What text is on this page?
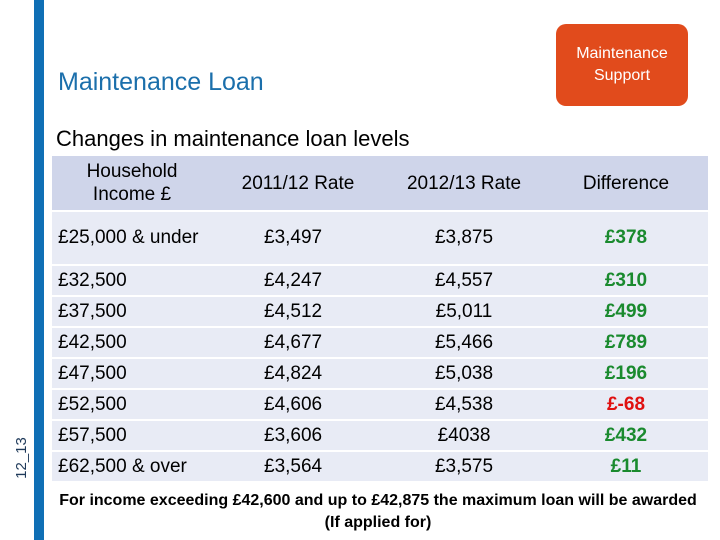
12_13
Maintenance Loan
Maintenance
Support
Changes in maintenance loan levels
Household Income £	2011/12 Rate	2012/13 Rate	Difference
£25,000 & under	£3,497	£3,875	£378
£32,500	£4,247	£4,557	£310
£37,500	£4,512	£5,011	£499
£42,500	£4,677	£5,466	£789
£47,500	£4,824	£5,038	£196
£52,500	£4,606	£4,538	£-68
£57,500	£3,606	£4038	£432
£62,500 & over	£3,564	£3,575	£11
For income exceeding £42,600 and up to £42,875 the maximum loan will be awarded (If applied for)
